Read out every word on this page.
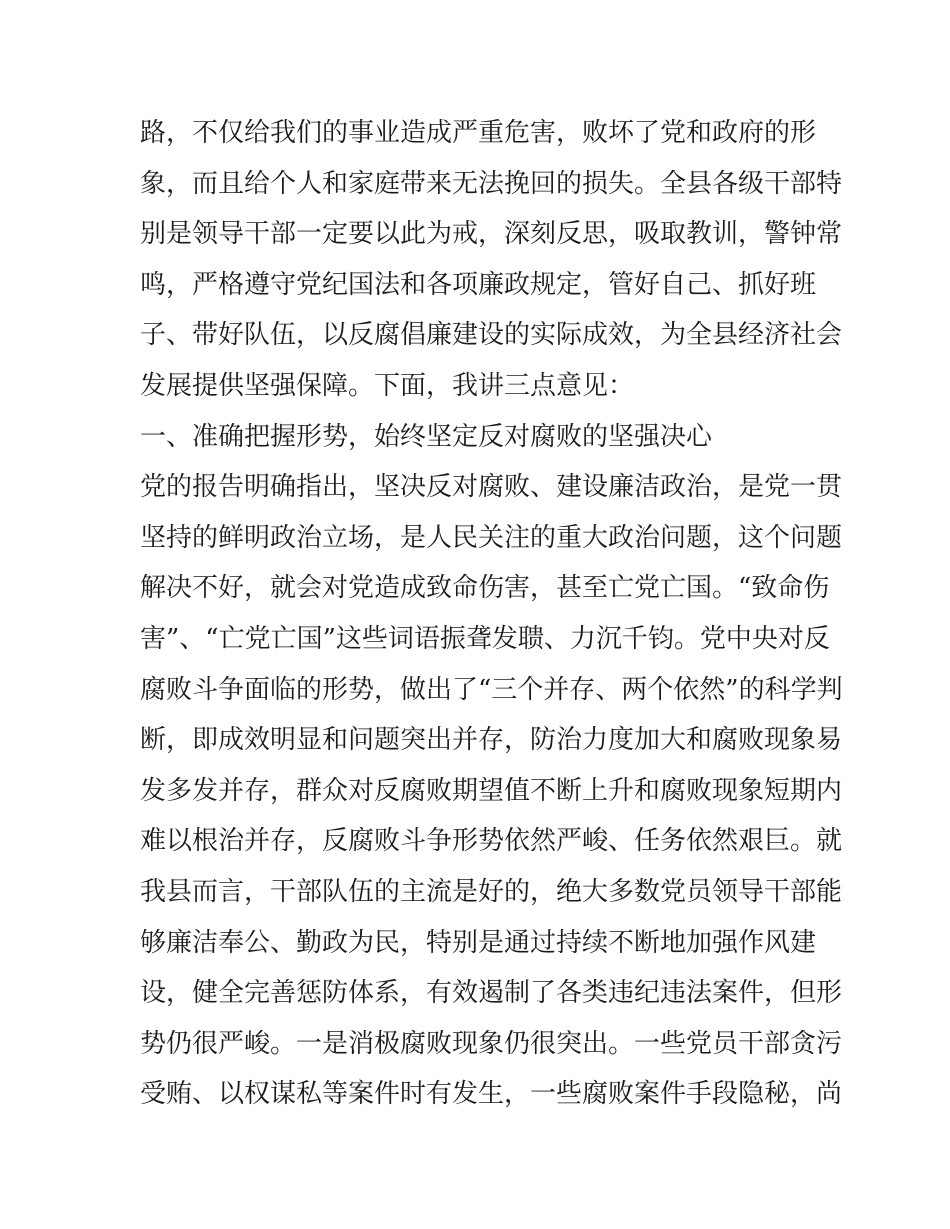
路，不仅给我们的事业造成严重危害，败坏了党和政府的形
象，而且给个人和家庭带来无法挽回的损失。全县各级干部特
别是领导干部一定要以此为戒，深刻反思，吸取教训，警钟常
鸣，严格遵守党纪国法和各项廉政规定，管好自己、抓好班
子、带好队伍，以反腐倡廉建设的实际成效，为全县经济社会
发展提供坚强保障。下面，我讲三点意见：
一、准确把握形势，始终坚定反对腐败的坚强决心
党的报告明确指出，坚决反对腐败、建设廉洁政治，是党一贯
坚持的鲜明政治立场，是人民关注的重大政治问题，这个问题
解决不好，就会对党造成致命伤害，甚至亡党亡国。“致命伤
害”、“亡党亡国”这些词语振聋发聩、力沉千钧。党中央对反
腐败斗争面临的形势，做出了“三个并存、两个依然”的科学判
断，即成效明显和问题突出并存，防治力度加大和腐败现象易
发多发并存，群众对反腐败期望值不断上升和腐败现象短期内
难以根治并存，反腐败斗争形势依然严峻、任务依然艰巨。就
我县而言，干部队伍的主流是好的，绝大多数党员领导干部能
够廉洁奉公、勤政为民，特别是通过持续不断地加强作风建
设，健全完善惩防体系，有效遏制了各类违纪违法案件，但形
势仍很严峻。一是消极腐败现象仍很突出。一些党员干部贪污
受贿、以权谋私等案件时有发生，一些腐败案件手段隐秘，尚
